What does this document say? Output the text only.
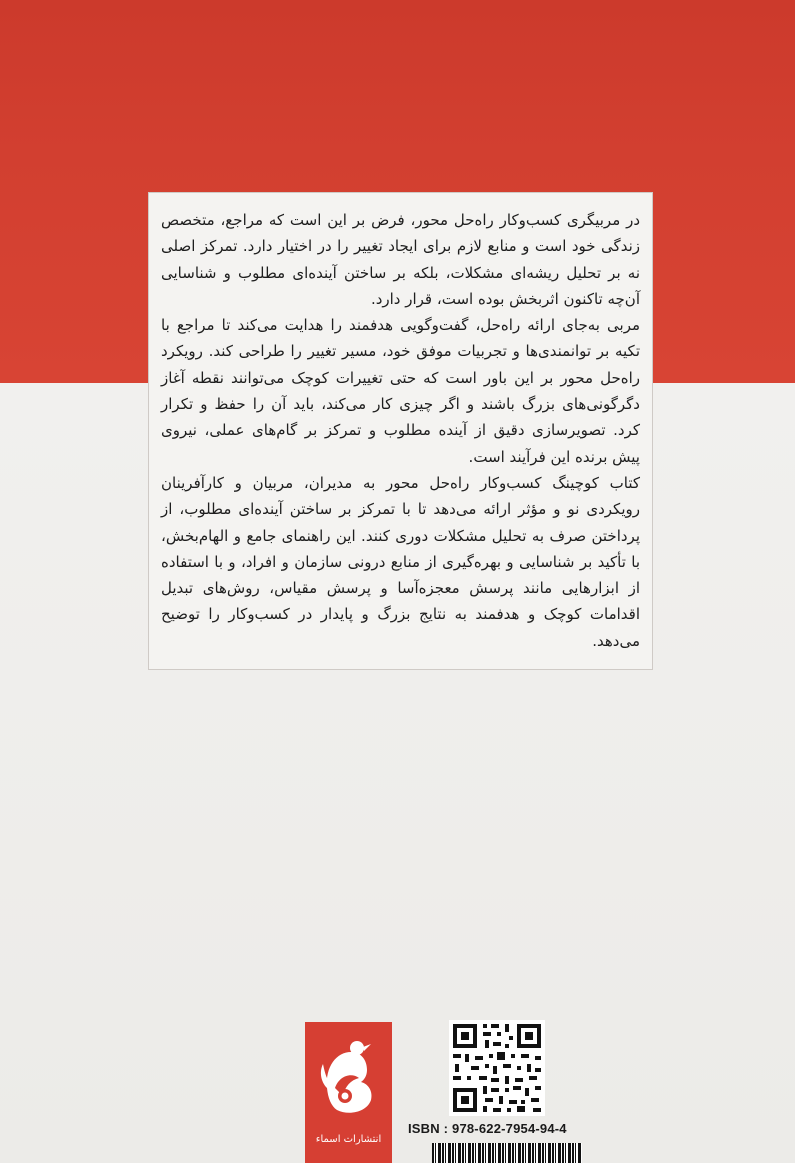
در مربیگری کسب‌وکار راه‌حل محور، فرض بر این است که مراجع، متخصص زندگی خود است و منابع لازم برای ایجاد تغییر را در اختیار دارد. تمرکز اصلی نه بر تحلیل ریشه‌ای مشکلات، بلکه بر ساختن آینده‌ای مطلوب و شناسایی آن‌چه تاکنون اثربخش بوده است، قرار دارد.

مربی به‌جای ارائه راه‌حل، گفت‌وگویی هدفمند را هدایت می‌کند تا مراجع با تکیه بر توانمندی‌ها و تجربیات موفق خود، مسیر تغییر را طراحی کند. رویکرد راه‌حل محور بر این باور است که حتی تغییرات کوچک می‌توانند نقطه آغاز دگرگونی‌های بزرگ باشند و اگر چیزی کار می‌کند، باید آن را حفظ و تکرار کرد. تصویرسازی دقیق از آینده مطلوب و تمرکز بر گام‌های عملی، نیروی پیش برنده این فرآیند است.

کتاب کوچینگ کسب‌وکار راه‌حل محور به مدیران، مربیان و کارآفرینان رویکردی نو و مؤثر ارائه می‌دهد تا با تمرکز بر ساختن آینده‌ای مطلوب، از پرداختن صرف به تحلیل مشکلات دوری کنند. این راهنمای جامع و الهام‌بخش، با تأکید بر شناسایی و بهره‌گیری از منابع درونی سازمان و افراد، و با استفاده از ابزارهایی مانند پرسش معجزه‌آسا و پرسش مقیاس، روش‌های تبدیل اقدامات کوچک و هدفمند به نتایج بزرگ و پایدار در کسب‌وکار را توضیح می‌دهد.

انتشارات اسماء
ISBN : 978-622-7954-94-4
